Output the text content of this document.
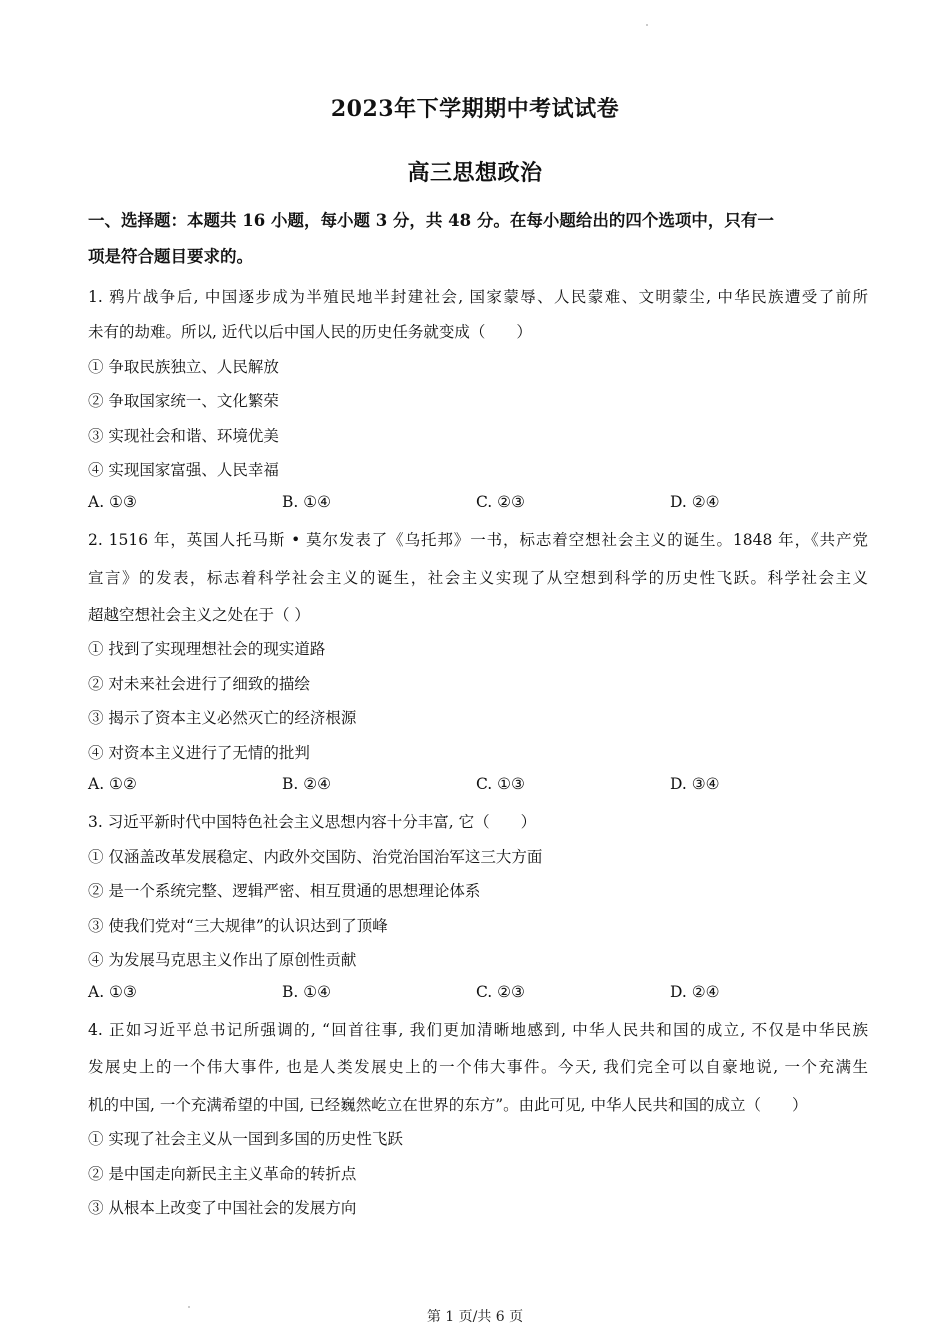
2023年下学期期中考试试卷
高三思想政治
一、选择题：本题共 16 小题，每小题 3 分，共 48 分。在每小题给出的四个选项中，只有一
项是符合题目要求的。
1. 鸦片战争后, 中国逐步成为半殖民地半封建社会, 国家蒙辱、人民蒙难、文明蒙尘, 中华民族遭受了前所
未有的劫难。所以, 近代以后中国人民的历史任务就变成（　　）
① 争取民族独立、人民解放
② 争取国家统一、文化繁荣
③ 实现社会和谐、环境优美
④ 实现国家富强、人民幸福
A. ①③	B. ①④	C. ②③	D. ②④
2. 1516 年，英国人托马斯 • 莫尔发表了《乌托邦》一书，标志着空想社会主义的诞生。1848 年，《共产党
宣言》的发表，标志着科学社会主义的诞生，社会主义实现了从空想到科学的历史性飞跃。科学社会主义
超越空想社会主义之处在于（ ）
① 找到了实现理想社会的现实道路
② 对未来社会进行了细致的描绘
③ 揭示了资本主义必然灭亡的经济根源
④ 对资本主义进行了无情的批判
A. ①②	B. ②④	C. ①③	D. ③④
3. 习近平新时代中国特色社会主义思想内容十分丰富, 它（　　）
① 仅涵盖改革发展稳定、内政外交国防、治党治国治军这三大方面
② 是一个系统完整、逻辑严密、相互贯通的思想理论体系
③ 使我们党对“三大规律”的认识达到了顶峰
④ 为发展马克思主义作出了原创性贡献
A. ①③	B. ①④	C. ②③	D. ②④
4. 正如习近平总书记所强调的, “回首往事, 我们更加清晰地感到, 中华人民共和国的成立, 不仅是中华民族
发展史上的一个伟大事件, 也是人类发展史上的一个伟大事件。今天, 我们完全可以自豪地说, 一个充满生
机的中国, 一个充满希望的中国, 已经巍然屹立在世界的东方”。由此可见, 中华人民共和国的成立（　　）
① 实现了社会主义从一国到多国的历史性飞跃
② 是中国走向新民主主义革命的转折点
③ 从根本上改变了中国社会的发展方向
第 1 页/共 6 页
